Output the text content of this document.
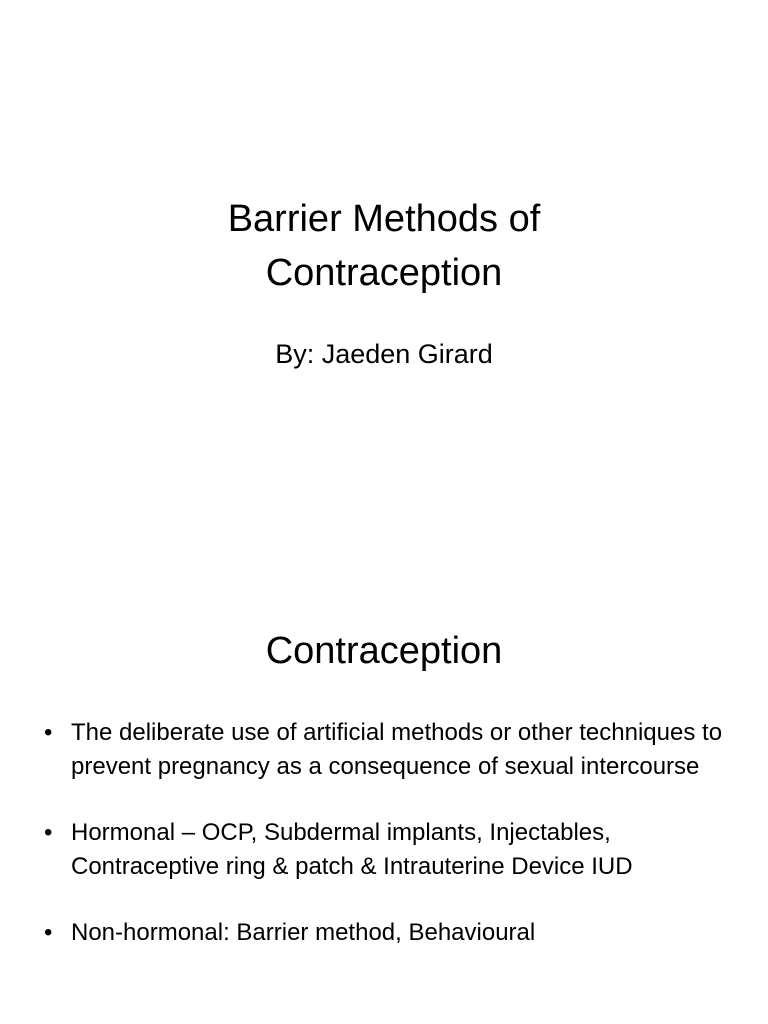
Barrier Methods of
Contraception
By: Jaeden Girard
Contraception
• The deliberate use of artificial methods or other techniques to prevent pregnancy as a consequence of sexual intercourse
• Hormonal – OCP, Subdermal implants, Injectables, Contraceptive ring & patch & Intrauterine Device IUD
• Non-hormonal: Barrier method, Behavioural
